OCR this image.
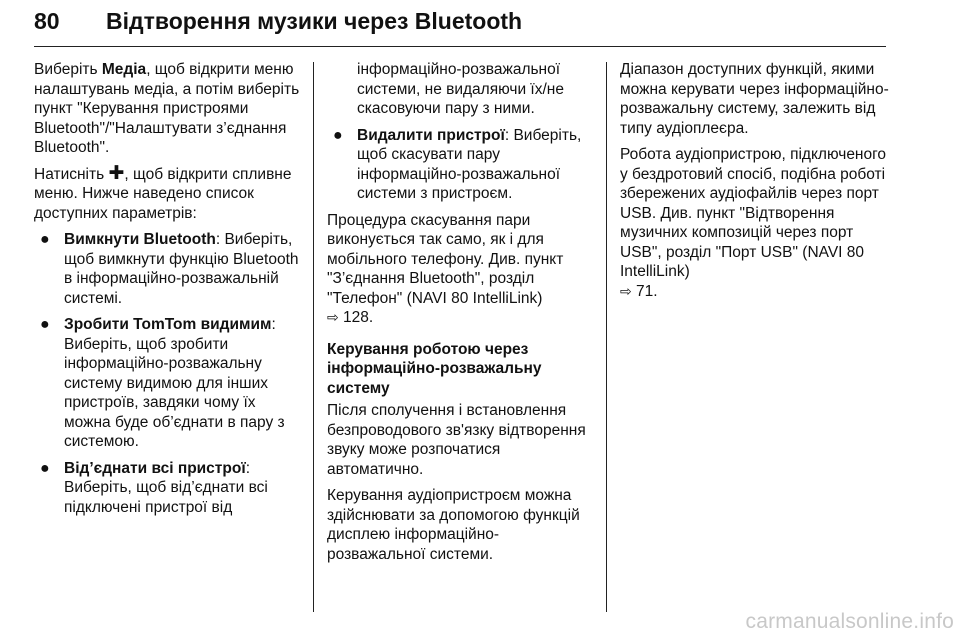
80 Відтворення музики через Bluetooth

Виберіть Медіа, щоб відкрити меню налаштувань медіа, а потім виберіть пункт "Керування пристроями Bluetooth"/"Налаштувати з’єднання Bluetooth".

Натисніть ✚, щоб відкрити спливне меню. Нижче наведено список доступних параметрів:

● Вимкнути Bluetooth: Виберіть, щоб вимкнути функцію Bluetooth в інформаційно-розважальній системі.
● Зробити TomTom видимим: Виберіть, щоб зробити інформаційно-розважальну систему видимою для інших пристроїв, завдяки чому їх можна буде об’єднати в пару з системою.
● Від’єднати всі пристрої: Виберіть, щоб від’єднати всі підключені пристрої від
інформаційно-розважальної системи, не видаляючи їх/не скасовуючи пару з ними.
● Видалити пристрої: Виберіть, щоб скасувати пару інформаційно-розважальної системи з пристроєм.

Процедура скасування пари виконується так само, як і для мобільного телефону. Див. пункт "З’єднання Bluetooth", розділ "Телефон" (NAVI 80 IntelliLink)
⇨ 128.

Керування роботою через інформаційно-розважальну систему

Після сполучення і встановлення безпроводового зв'язку відтворення звуку може розпочатися автоматично.

Керування аудіопристроєм можна здійснювати за допомогою функцій дисплею інформаційно-розважальної системи.

Діапазон доступних функцій, якими можна керувати через інформаційно-розважальну систему, залежить від типу аудіоплеєра.

Робота аудіопристрою, підключеного у бездротовий спосіб, подібна роботі збережених аудіофайлів через порт USB. Див. пункт "Відтворення музичних композицій через порт USB", розділ "Порт USB" (NAVI 80 IntelliLink)
⇨ 71.

carmanualsonline.info
